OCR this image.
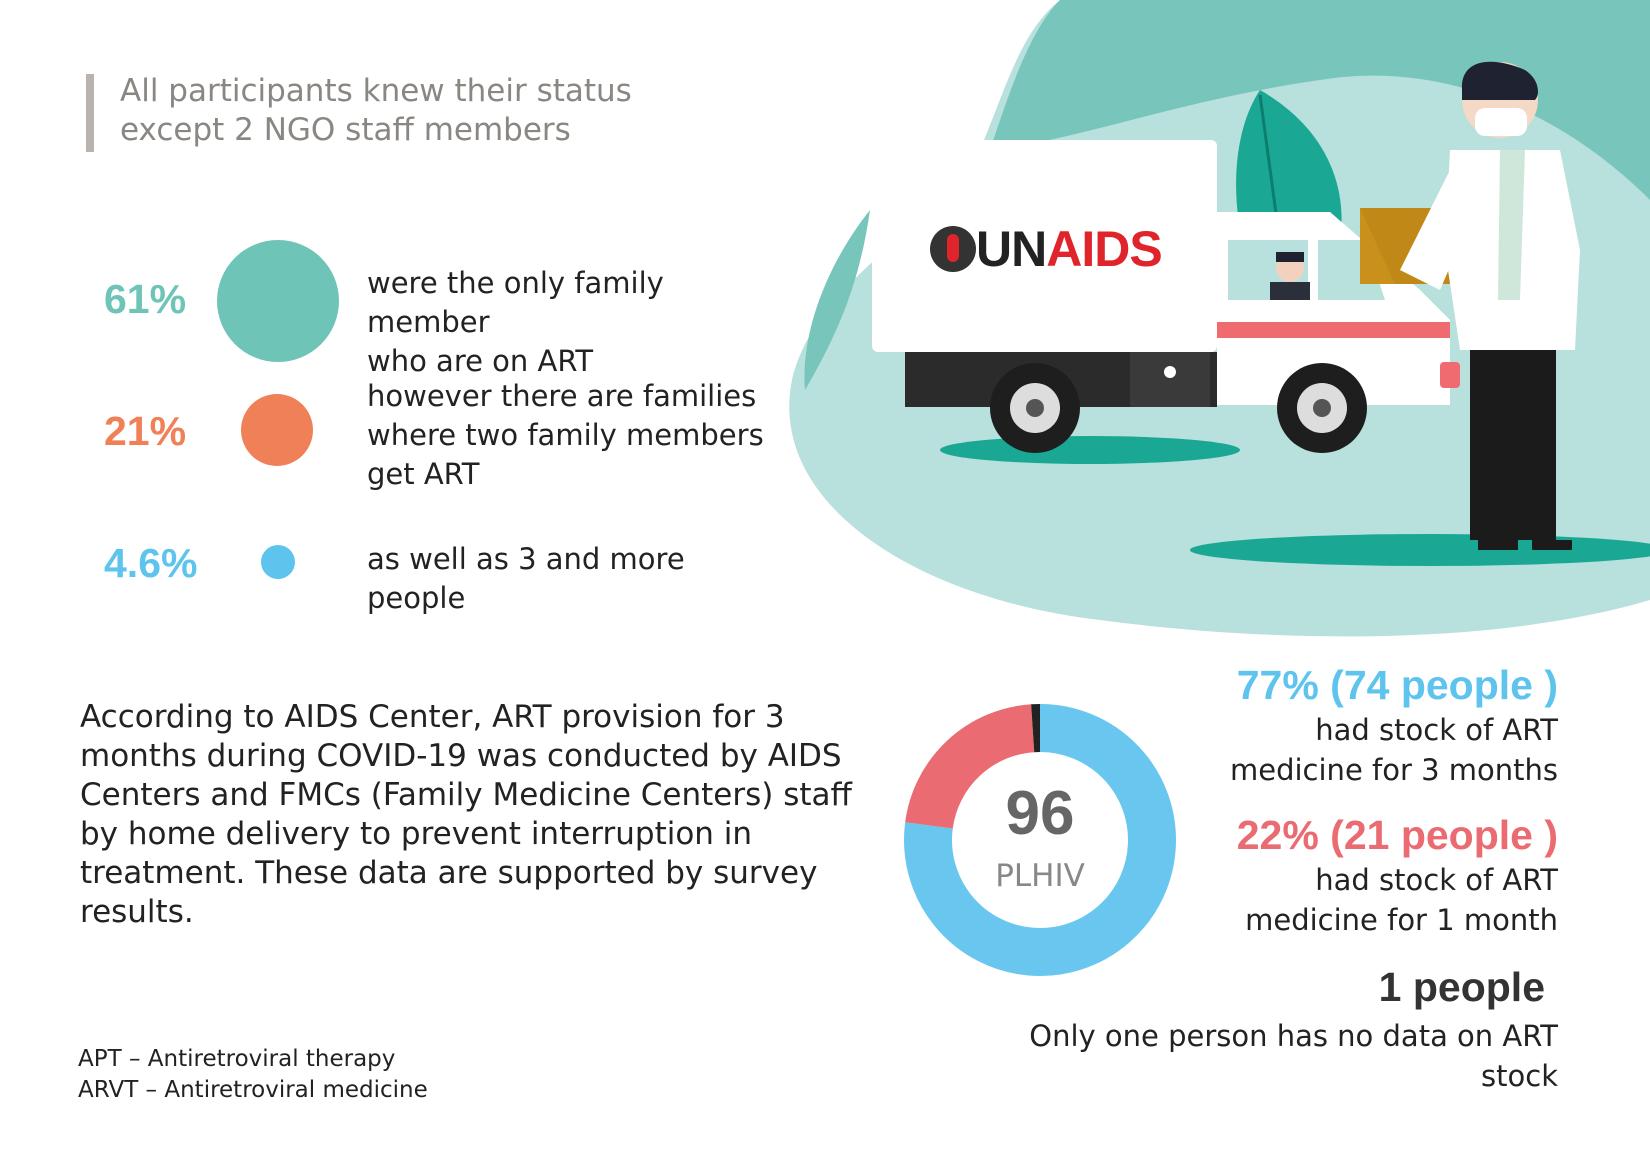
UNAIDS
All participants knew their status
except 2 NGO staff members
61%	were the only family member
who are on ART
21%
however there are families
where two family members
get ART
4.6%	as well as 3 and more people
According to AIDS Center, ART provision for 3 months during COVID-19 was conducted by AIDS Centers and FMCs (Family Medicine Centers) staff by home delivery to prevent interruption in treatment. These data are supported by survey results.
96
PLHIV
77% (74 people )
had stock of ART
medicine for 3 months
22% (21 people )
had stock of ART
medicine for 1 month
1 people
Only one person has no data on ART stock
APT – Antiretroviral therapy
ARVT – Antiretroviral medicine
